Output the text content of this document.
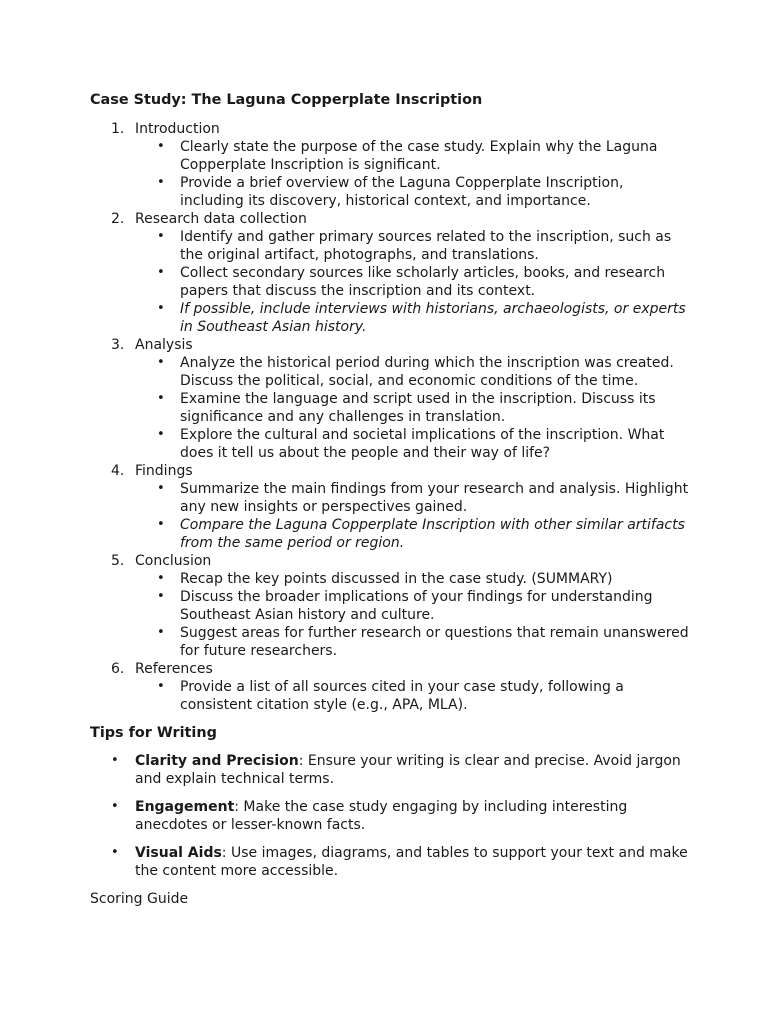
Case Study: The Laguna Copperplate Inscription
1. Introduction
• Clearly state the purpose of the case study. Explain why the Laguna Copperplate Inscription is significant.
• Provide a brief overview of the Laguna Copperplate Inscription, including its discovery, historical context, and importance.
2. Research data collection
• Identify and gather primary sources related to the inscription, such as the original artifact, photographs, and translations.
• Collect secondary sources like scholarly articles, books, and research papers that discuss the inscription and its context.
• If possible, include interviews with historians, archaeologists, or experts in Southeast Asian history.
3. Analysis
• Analyze the historical period during which the inscription was created. Discuss the political, social, and economic conditions of the time.
• Examine the language and script used in the inscription. Discuss its significance and any challenges in translation.
• Explore the cultural and societal implications of the inscription. What does it tell us about the people and their way of life?
4. Findings
• Summarize the main findings from your research and analysis. Highlight any new insights or perspectives gained.
• Compare the Laguna Copperplate Inscription with other similar artifacts from the same period or region.
5. Conclusion
• Recap the key points discussed in the case study. (SUMMARY)
• Discuss the broader implications of your findings for understanding Southeast Asian history and culture.
• Suggest areas for further research or questions that remain unanswered for future researchers.
6. References
• Provide a list of all sources cited in your case study, following a consistent citation style (e.g., APA, MLA).
Tips for Writing
• Clarity and Precision: Ensure your writing is clear and precise. Avoid jargon and explain technical terms.
• Engagement: Make the case study engaging by including interesting anecdotes or lesser-known facts.
• Visual Aids: Use images, diagrams, and tables to support your text and make the content more accessible.
Scoring Guide
